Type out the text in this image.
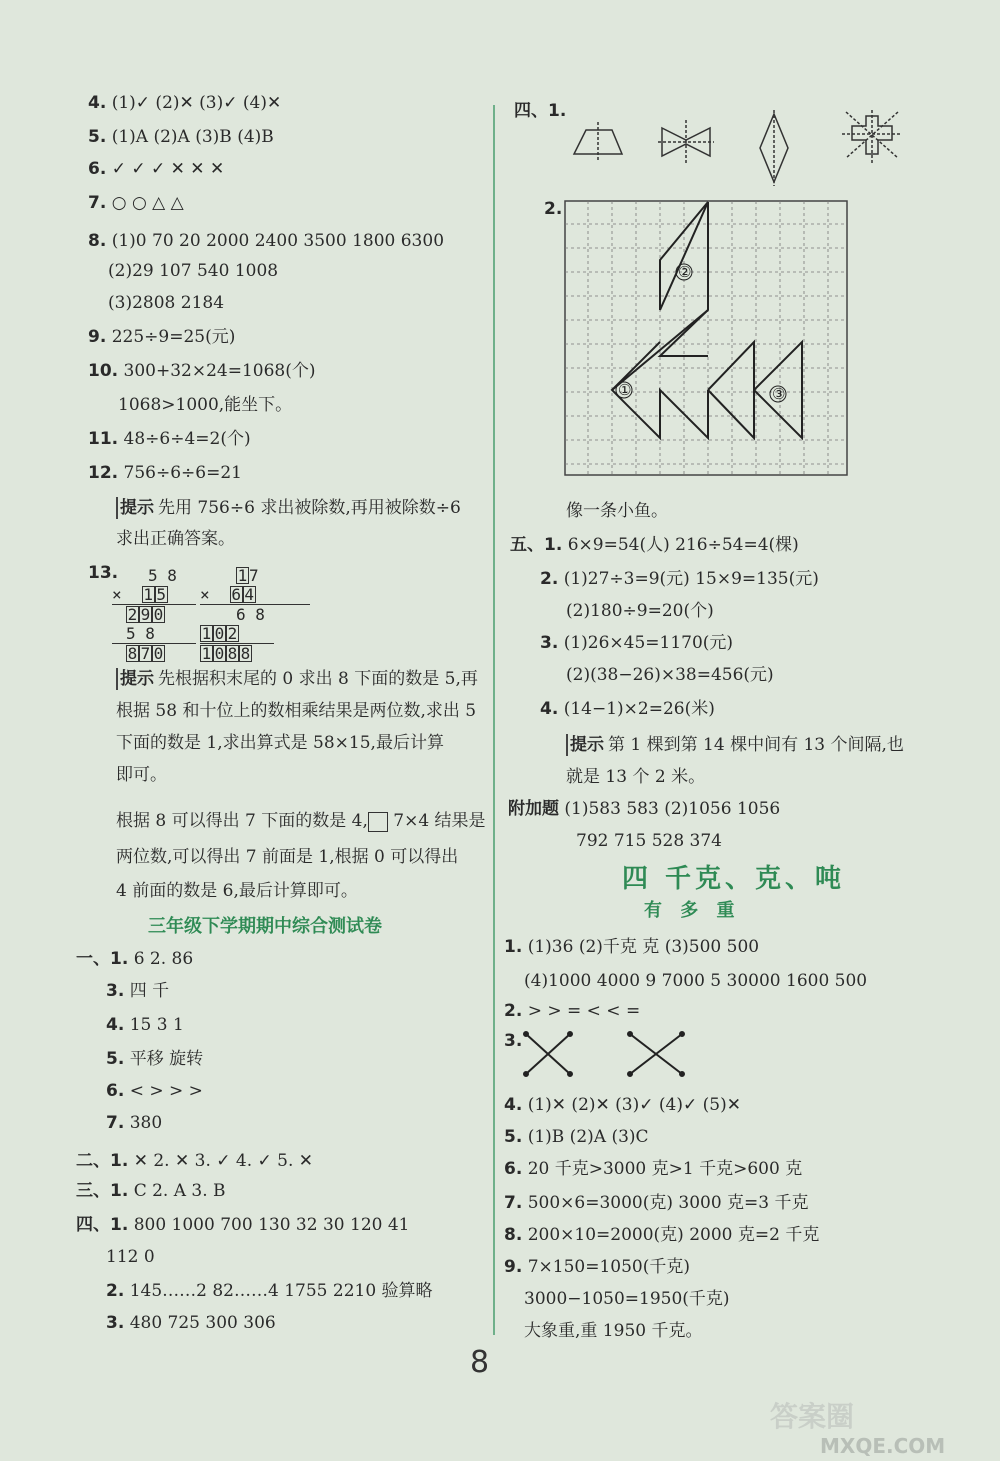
4. (1)✓ (2)✕ (3)✓ (4)✕
5. (1)A (2)A (3)B (4)B
6. ✓ ✓ ✓ ✕ ✕ ✕
7. ○ ○ △ △
8. (1)0 70 20 2000 2400 3500 1800 6300
(2)29 107 540 1008
(3)2808 2184
9. 225÷9=25(元)
10. 300+32×24=1068(个)
1068>1000,能坐下。
11. 48÷6÷4=2(个)
12. 756÷6÷6=21
提示 先用 756÷6 求出被除数,再用被除数÷6
求出正确答案。
13.	5 8
× 1 5
2 9 0
5 8
8 7 0
1 7
× 6 4
6 8
1 0 2
1 0 8 8
提示 先根据积末尾的 0 求出 8 下面的数是 5,再
根据 58 和十位上的数相乘结果是两位数,求出 5
下面的数是 1,求出算式是 58×15,最后计算
即可。
根据 8 可以得出 7 下面的数是 4, 7×4 结果是
两位数,可以得出 7 前面是 1,根据 0 可以得出
4 前面的数是 6,最后计算即可。
三年级下学期期中综合测试卷
一、1. 6 2. 86
3. 四 千
4. 15 3 1
5. 平移 旋转
6. < > > >
7. 380
二、1. ✕ 2. ✕ 3. ✓ 4. ✓ 5. ✕
三、1. C 2. A 3. B
四、1. 800 1000 700 130 32 30 120 41
112 0
2. 145……2 82……4 1755 2210 验算略
3. 480 725 300 306
四、1.
2.
②
①	③
像一条小鱼。
五、1. 6×9=54(人) 216÷54=4(棵)
2. (1)27÷3=9(元) 15×9=135(元)
(2)180÷9=20(个)
3. (1)26×45=1170(元)
(2)(38−26)×38=456(元)
4. (14−1)×2=26(米)
提示 第 1 棵到第 14 棵中间有 13 个间隔,也
就是 13 个 2 米。
附加题 (1)583 583 (2)1056 1056
792 715 528 374
四 千克、克、吨
有 多 重
1. (1)36 (2)千克 克 (3)500 500
(4)1000 4000 9 7000 5 30000 1600 500
2. > > = < < =
3.
4. (1)✕ (2)✕ (3)✓ (4)✓ (5)✕
5. (1)B (2)A (3)C
6. 20 千克>3000 克>1 千克>600 克
7. 500×6=3000(克) 3000 克=3 千克
8. 200×10=2000(克) 2000 克=2 千克
9. 7×150=1050(千克)
3000−1050=1950(千克)
大象重,重 1950 千克。
8
答案圈
MXQE.COM
